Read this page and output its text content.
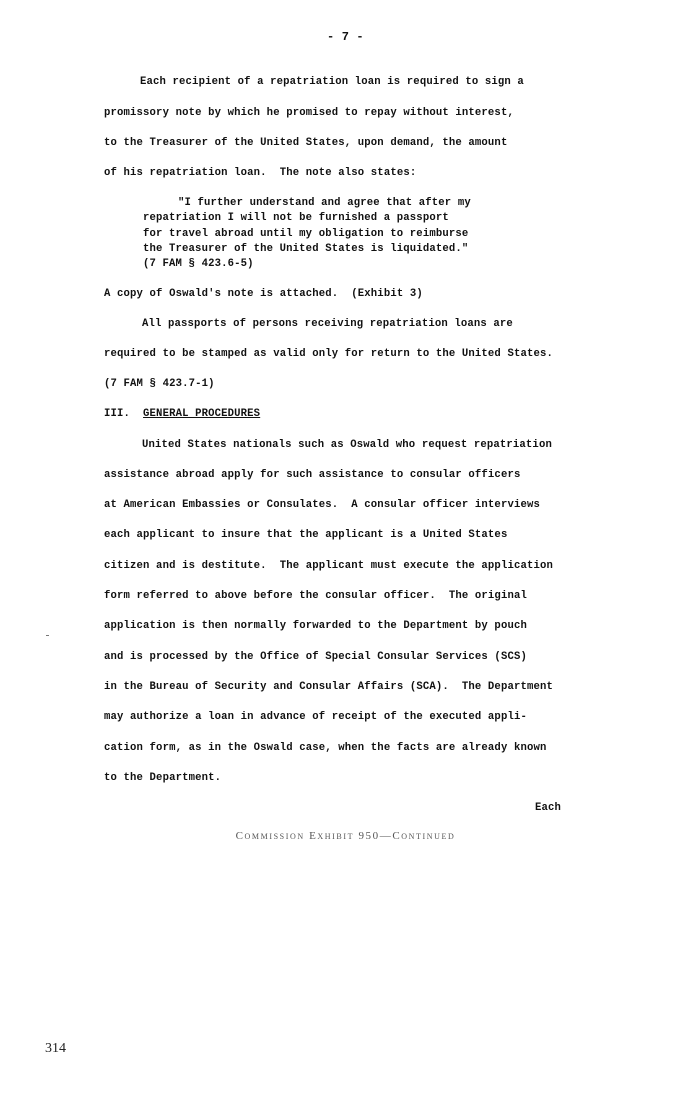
- 7 -
Each recipient of a repatriation loan is required to sign a
promissory note by which he promised to repay without interest,
to the Treasurer of the United States, upon demand, the amount
of his repatriation loan.  The note also states:
"I further understand and agree that after my
repatriation I will not be furnished a passport
for travel abroad until my obligation to reimburse
the Treasurer of the United States is liquidated."
(7 FAM § 423.6-5)
A copy of Oswald's note is attached.  (Exhibit 3)
All passports of persons receiving repatriation loans are
required to be stamped as valid only for return to the United States.
(7 FAM § 423.7-1)
III. GENERAL PROCEDURES
United States nationals such as Oswald who request repatriation
assistance abroad apply for such assistance to consular officers
at American Embassies or Consulates.  A consular officer interviews
each applicant to insure that the applicant is a United States
citizen and is destitute.  The applicant must execute the application
form referred to above before the consular officer.  The original
application is then normally forwarded to the Department by pouch
and is processed by the Office of Special Consular Services (SCS)
in the Bureau of Security and Consular Affairs (SCA).  The Department
may authorize a loan in advance of receipt of the executed appli-
cation form, as in the Oswald case, when the facts are already known
to the Department.
Each
Commission Exhibit 950—Continued
314
